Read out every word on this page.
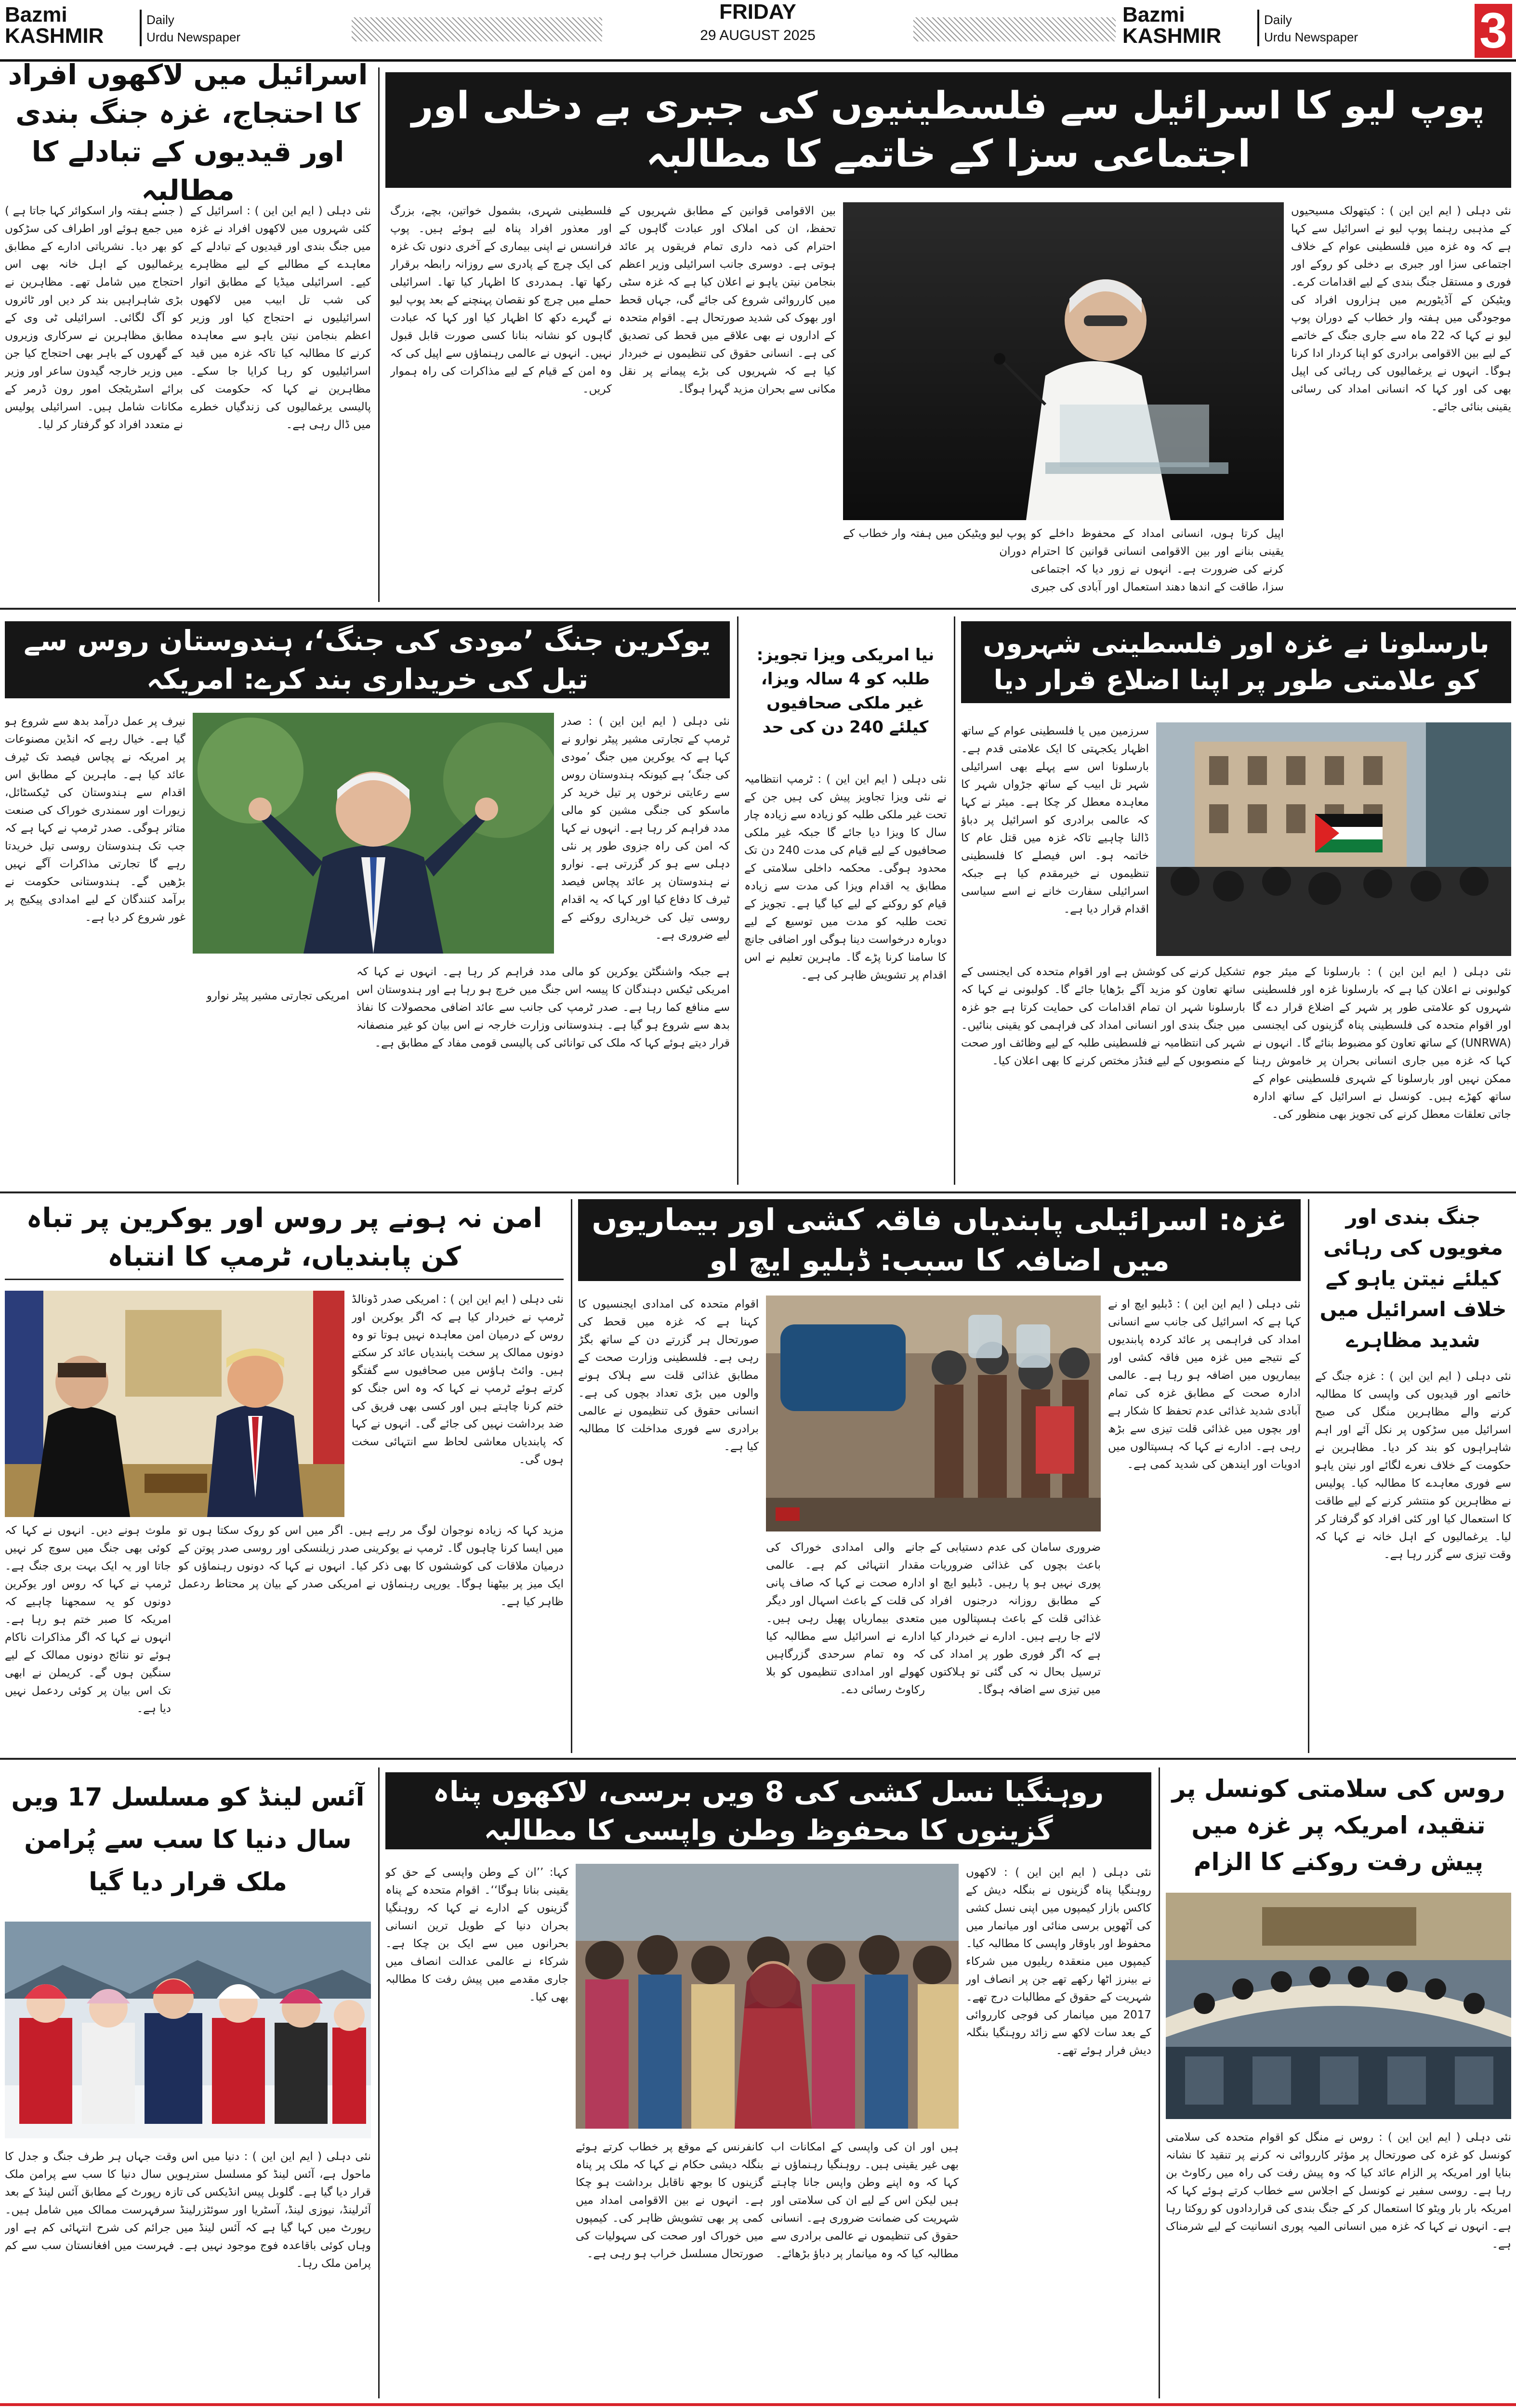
Bazmi
KASHMIR
Daily
Urdu Newspaper
FRIDAY
29 AUGUST 2025
Bazmi
KASHMIR
Daily
Urdu Newspaper 3
پوپ لیو کا اسرائیل سے فلسطینیوں کی جبری بے دخلی اور اجتماعی سزا کے خاتمے کا مطالبہ
نئی دہلی ( ایم این این ) : کیتھولک مسیحیوں کے مذہبی رہنما پوپ لیو نے اسرائیل سے کہا ہے کہ وہ غزہ میں فلسطینی عوام کے خلاف اجتماعی سزا اور جبری بے دخلی کو روکے اور فوری و مستقل جنگ بندی کے لیے اقدامات کرے۔ ویٹیکن کے آڈیٹوریم میں ہزاروں افراد کی موجودگی میں ہفتہ وار خطاب کے دوران پوپ لیو نے کہا کہ 22 ماہ سے جاری جنگ کے خاتمے کے لیے بین الاقوامی برادری کو اپنا کردار ادا کرنا ہوگا۔ انہوں نے یرغمالیوں کی رہائی کی اپیل بھی کی اور کہا کہ انسانی امداد کی رسائی یقینی بنائی جائے۔
اپیل کرتا ہوں، انسانی امداد کے محفوظ داخلے کو یقینی بنانے اور بین الاقوامی انسانی قوانین کا احترام کرنے کی ضرورت ہے۔ انہوں نے زور دیا کہ اجتماعی سزا، طاقت کے اندھا دھند استعمال اور آبادی کی جبری
پوپ لیو ویٹیکن میں ہفتہ وار خطاب کے دوران
بین الاقوامی قوانین کے مطابق شہریوں کے تحفظ، ان کی املاک اور عبادت گاہوں کے احترام کی ذمہ داری تمام فریقوں پر عائد ہوتی ہے۔ دوسری جانب اسرائیلی وزیر اعظم بنجامن نیتن یاہو نے اعلان کیا ہے کہ غزہ سٹی میں کارروائی شروع کی جائے گی، جہاں قحط اور بھوک کی شدید صورتحال ہے۔ اقوام متحدہ کے اداروں نے بھی علاقے میں قحط کی تصدیق کی ہے۔ انسانی حقوق کی تنظیموں نے خبردار کیا ہے کہ شہریوں کی بڑے پیمانے پر نقل مکانی سے بحران مزید گہرا ہوگا۔
فلسطینی شہری، بشمول خواتین، بچے، بزرگ اور معذور افراد پناہ لیے ہوئے ہیں۔ پوپ فرانسس نے اپنی بیماری کے آخری دنوں تک غزہ کی ایک چرچ کے پادری سے روزانہ رابطہ برقرار رکھا تھا۔ ہمدردی کا اظہار کیا تھا۔ اسرائیلی حملے میں چرچ کو نقصان پہنچنے کے بعد پوپ لیو نے گہرے دکھ کا اظہار کیا اور کہا کہ عبادت گاہوں کو نشانہ بنانا کسی صورت قابل قبول نہیں۔ انہوں نے عالمی رہنماؤں سے اپیل کی کہ وہ امن کے قیام کے لیے مذاکرات کی راہ ہموار کریں۔
اسرائیل میں لاکھوں افراد کا احتجاج، غزہ جنگ بندی اور قیدیوں کے تبادلے کا مطالبہ
نئی دہلی ( ایم این این ) : اسرائیل کے کئی شہروں میں لاکھوں افراد نے غزہ میں جنگ بندی اور قیدیوں کے تبادلے کے معاہدے کے مطالبے کے لیے مظاہرے کیے۔ اسرائیلی میڈیا کے مطابق اتوار کی شب تل ابیب میں لاکھوں اسرائیلیوں نے احتجاج کیا اور وزیر اعظم بنجامن نیتن یاہو سے معاہدہ کرنے کا مطالبہ کیا تاکہ غزہ میں قید اسرائیلیوں کو رہا کرایا جا سکے۔ مظاہرین نے کہا کہ حکومت کی پالیسی یرغمالیوں کی زندگیاں خطرے میں ڈال رہی ہے۔
( جسے ہفتہ وار اسکوائر کہا جاتا ہے ) میں جمع ہوئے اور اطراف کی سڑکوں کو بھر دیا۔ نشریاتی ادارے کے مطابق یرغمالیوں کے اہل خانہ بھی اس احتجاج میں شامل تھے۔ مظاہرین نے بڑی شاہراہیں بند کر دیں اور ٹائروں کو آگ لگائی۔ اسرائیلی ٹی وی کے مطابق مظاہرین نے سرکاری وزیروں کے گھروں کے باہر بھی احتجاج کیا جن میں وزیر خارجہ گیدون ساعر اور وزیر برائے اسٹریٹجک امور رون ڈرمر کے مکانات شامل ہیں۔ اسرائیلی پولیس نے متعدد افراد کو گرفتار کر لیا۔
بارسلونا نے غزہ اور فلسطینی شہروں کو علامتی طور پر اپنا اضلاع قرار دیا
سرزمین میں یا فلسطینی عوام کے ساتھ اظہار یکجہتی کا ایک علامتی قدم ہے۔ بارسلونا اس سے پہلے بھی اسرائیلی شہر تل ابیب کے ساتھ جڑواں شہر کا معاہدہ معطل کر چکا ہے۔ میئر نے کہا کہ عالمی برادری کو اسرائیل پر دباؤ ڈالنا چاہیے تاکہ غزہ میں قتل عام کا خاتمہ ہو۔ اس فیصلے کا فلسطینی تنظیموں نے خیرمقدم کیا ہے جبکہ اسرائیلی سفارت خانے نے اسے سیاسی اقدام قرار دیا ہے۔
نئی دہلی ( ایم این این ) : بارسلونا کے میئر جوم کولبونی نے اعلان کیا ہے کہ بارسلونا غزہ اور فلسطینی شہروں کو علامتی طور پر شہر کے اضلاع قرار دے گا اور اقوام متحدہ کی فلسطینی پناہ گزینوں کی ایجنسی (UNRWA) کے ساتھ تعاون کو مضبوط بنائے گا۔ انہوں نے کہا کہ غزہ میں جاری انسانی بحران پر خاموش رہنا ممکن نہیں اور بارسلونا کے شہری فلسطینی عوام کے ساتھ کھڑے ہیں۔ کونسل نے اسرائیل کے ساتھ ادارہ جاتی تعلقات معطل کرنے کی تجویز بھی منظور کی۔
تشکیل کرنے کی کوشش ہے اور اقوام متحدہ کی ایجنسی کے ساتھ تعاون کو مزید آگے بڑھایا جائے گا۔ کولبونی نے کہا کہ بارسلونا شہر ان تمام اقدامات کی حمایت کرتا ہے جو غزہ میں جنگ بندی اور انسانی امداد کی فراہمی کو یقینی بنائیں۔ شہر کی انتظامیہ نے فلسطینی طلبہ کے لیے وظائف اور صحت کے منصوبوں کے لیے فنڈز مختص کرنے کا بھی اعلان کیا۔
نیا امریکی ویزا تجویز: طلبہ کو 4 سالہ ویزا، غیر ملکی صحافیوں کیلئے 240 دن کی حد
نئی دہلی ( ایم این این ) : ٹرمپ انتظامیہ نے نئی ویزا تجاویز پیش کی ہیں جن کے تحت غیر ملکی طلبہ کو زیادہ سے زیادہ چار سال کا ویزا دیا جائے گا جبکہ غیر ملکی صحافیوں کے لیے قیام کی مدت 240 دن تک محدود ہوگی۔ محکمہ داخلی سلامتی کے مطابق یہ اقدام ویزا کی مدت سے زیادہ قیام کو روکنے کے لیے کیا گیا ہے۔ تجویز کے تحت طلبہ کو مدت میں توسیع کے لیے دوبارہ درخواست دینا ہوگی اور اضافی جانچ کا سامنا کرنا پڑے گا۔ ماہرین تعلیم نے اس اقدام پر تشویش ظاہر کی ہے۔
یوکرین جنگ ’مودی کی جنگ‘، ہندوستان روس سے تیل کی خریداری بند کرے: امریکہ
نئی دہلی ( ایم این این ) : صدر ٹرمپ کے تجارتی مشیر پیٹر نوارو نے کہا ہے کہ یوکرین میں جنگ ’مودی کی جنگ‘ ہے کیونکہ ہندوستان روس سے رعایتی نرخوں پر تیل خرید کر ماسکو کی جنگی مشین کو مالی مدد فراہم کر رہا ہے۔ انہوں نے کہا کہ امن کی راہ جزوی طور پر نئی دہلی سے ہو کر گزرتی ہے۔ نوارو نے ہندوستان پر عائد پچاس فیصد ٹیرف کا دفاع کیا اور کہا کہ یہ اقدام روسی تیل کی خریداری روکنے کے لیے ضروری ہے۔
نیرف پر عمل درآمد بدھ سے شروع ہو گیا ہے۔ خیال رہے کہ انڈین مصنوعات پر امریکہ نے پچاس فیصد تک ٹیرف عائد کیا ہے۔ ماہرین کے مطابق اس اقدام سے ہندوستان کی ٹیکسٹائل، زیورات اور سمندری خوراک کی صنعت متاثر ہوگی۔ صدر ٹرمپ نے کہا ہے کہ جب تک ہندوستان روسی تیل خریدتا رہے گا تجارتی مذاکرات آگے نہیں بڑھیں گے۔ ہندوستانی حکومت نے برآمد کنندگان کے لیے امدادی پیکیج پر غور شروع کر دیا ہے۔
ہے جبکہ واشنگٹن یوکرین کو مالی مدد فراہم کر رہا ہے۔ انہوں نے کہا کہ امریکی ٹیکس دہندگان کا پیسہ اس جنگ میں خرچ ہو رہا ہے اور ہندوستان اس سے منافع کما رہا ہے۔ صدر ٹرمپ کی جانب سے عائد اضافی محصولات کا نفاذ بدھ سے شروع ہو گیا ہے۔ ہندوستانی وزارت خارجہ نے اس بیان کو غیر منصفانہ قرار دیتے ہوئے کہا کہ ملک کی توانائی کی پالیسی قومی مفاد کے مطابق ہے۔
امریکی تجارتی مشیر پیٹر نوارو
جنگ بندی اور مغویوں کی رہائی کیلئے نیتن یاہو کے خلاف اسرائیل میں شدید مظاہرے
نئی دہلی ( ایم این این ) : غزہ جنگ کے خاتمے اور قیدیوں کی واپسی کا مطالبہ کرنے والے مظاہرین منگل کی صبح اسرائیل میں سڑکوں پر نکل آئے اور اہم شاہراہوں کو بند کر دیا۔ مظاہرین نے حکومت کے خلاف نعرے لگائے اور نیتن یاہو سے فوری معاہدے کا مطالبہ کیا۔ پولیس نے مظاہرین کو منتشر کرنے کے لیے طاقت کا استعمال کیا اور کئی افراد کو گرفتار کر لیا۔ یرغمالیوں کے اہل خانہ نے کہا کہ وقت تیزی سے گزر رہا ہے۔
غزہ: اسرائیلی پابندیاں فاقہ کشی اور بیماریوں میں اضافہ کا سبب: ڈبلیو ایچ او
نئی دہلی ( ایم این این ) : ڈبلیو ایچ او نے کہا ہے کہ اسرائیل کی جانب سے انسانی امداد کی فراہمی پر عائد کردہ پابندیوں کے نتیجے میں غزہ میں فاقہ کشی اور بیماریوں میں اضافہ ہو رہا ہے۔ عالمی ادارہ صحت کے مطابق غزہ کی تمام آبادی شدید غذائی عدم تحفظ کا شکار ہے اور بچوں میں غذائی قلت تیزی سے بڑھ رہی ہے۔ ادارے نے کہا کہ ہسپتالوں میں ادویات اور ایندھن کی شدید کمی ہے۔
ضروری سامان کی عدم دستیابی کے باعث بچوں کی غذائی ضروریات پوری نہیں ہو پا رہیں۔ ڈبلیو ایچ او کے مطابق روزانہ درجنوں افراد غذائی قلت کے باعث ہسپتالوں میں لائے جا رہے ہیں۔ ادارے نے خبردار کیا ہے کہ اگر فوری طور پر امداد کی ترسیل بحال نہ کی گئی تو ہلاکتوں میں تیزی سے اضافہ ہوگا۔
جانے والی امدادی خوراک کی مقدار انتہائی کم ہے۔ عالمی ادارہ صحت نے کہا کہ صاف پانی کی قلت کے باعث اسہال اور دیگر متعدی بیماریاں پھیل رہی ہیں۔ ادارے نے اسرائیل سے مطالبہ کیا کہ وہ تمام سرحدی گزرگاہیں کھولے اور امدادی تنظیموں کو بلا رکاوٹ رسائی دے۔
اقوام متحدہ کی امدادی ایجنسیوں کا کہنا ہے کہ غزہ میں قحط کی صورتحال ہر گزرتے دن کے ساتھ بگڑ رہی ہے۔ فلسطینی وزارت صحت کے مطابق غذائی قلت سے ہلاک ہونے والوں میں بڑی تعداد بچوں کی ہے۔ انسانی حقوق کی تنظیموں نے عالمی برادری سے فوری مداخلت کا مطالبہ کیا ہے۔
امن نہ ہونے پر روس اور یوکرین پر تباہ کن پابندیاں، ٹرمپ کا انتباہ
نئی دہلی ( ایم این این ) : امریکی صدر ڈونالڈ ٹرمپ نے خبردار کیا ہے کہ اگر یوکرین اور روس کے درمیان امن معاہدہ نہیں ہوتا تو وہ دونوں ممالک پر سخت پابندیاں عائد کر سکتے ہیں۔ وائٹ ہاؤس میں صحافیوں سے گفتگو کرتے ہوئے ٹرمپ نے کہا کہ وہ اس جنگ کو ختم کرنا چاہتے ہیں اور کسی بھی فریق کی ضد برداشت نہیں کی جائے گی۔ انہوں نے کہا کہ پابندیاں معاشی لحاظ سے انتہائی سخت ہوں گی۔
مزید کہا کہ زیادہ نوجوان لوگ مر رہے ہیں۔ اگر میں اس کو روک سکتا ہوں تو میں ایسا کرنا چاہوں گا۔ ٹرمپ نے یوکرینی صدر زیلنسکی اور روسی صدر پوتن کے درمیان ملاقات کی کوششوں کا بھی ذکر کیا۔ انہوں نے کہا کہ دونوں رہنماؤں کو ایک میز پر بیٹھنا ہوگا۔ یورپی رہنماؤں نے امریکی صدر کے بیان پر محتاط ردعمل ظاہر کیا ہے۔
ملوث ہونے دیں۔ انہوں نے کہا کہ کوئی بھی جنگ میں سوچ کر نہیں جاتا اور یہ ایک بہت بری جنگ ہے۔ ٹرمپ نے کہا کہ روس اور یوکرین دونوں کو یہ سمجھنا چاہیے کہ امریکہ کا صبر ختم ہو رہا ہے۔ انہوں نے کہا کہ اگر مذاکرات ناکام ہوئے تو نتائج دونوں ممالک کے لیے سنگین ہوں گے۔ کریملن نے ابھی تک اس بیان پر کوئی ردعمل نہیں دیا ہے۔
روس کی سلامتی کونسل پر تنقید، امریکہ پر غزہ میں پیش رفت روکنے کا الزام
نئی دہلی ( ایم این این ) : روس نے منگل کو اقوام متحدہ کی سلامتی کونسل کو غزہ کی صورتحال پر مؤثر کارروائی نہ کرنے پر تنقید کا نشانہ بنایا اور امریکہ پر الزام عائد کیا کہ وہ پیش رفت کی راہ میں رکاوٹ بن رہا ہے۔ روسی سفیر نے کونسل کے اجلاس سے خطاب کرتے ہوئے کہا کہ امریکہ بار بار ویٹو کا استعمال کر کے جنگ بندی کی قراردادوں کو روکتا رہا ہے۔ انہوں نے کہا کہ غزہ میں انسانی المیہ پوری انسانیت کے لیے شرمناک ہے۔
روہنگیا نسل کشی کی 8 ویں برسی، لاکھوں پناہ گزینوں کا محفوظ وطن واپسی کا مطالبہ
نئی دہلی ( ایم این این ) : لاکھوں روہنگیا پناہ گزینوں نے بنگلہ دیش کے کاکس بازار کیمپوں میں اپنی نسل کشی کی آٹھویں برسی منائی اور میانمار میں محفوظ اور باوقار واپسی کا مطالبہ کیا۔ کیمپوں میں منعقدہ ریلیوں میں شرکاء نے بینرز اٹھا رکھے تھے جن پر انصاف اور شہریت کے حقوق کے مطالبات درج تھے۔ 2017 میں میانمار کی فوجی کارروائی کے بعد سات لاکھ سے زائد روہنگیا بنگلہ دیش فرار ہوئے تھے۔
ہیں اور ان کی واپسی کے امکانات اب بھی غیر یقینی ہیں۔ روہنگیا رہنماؤں نے کہا کہ وہ اپنے وطن واپس جانا چاہتے ہیں لیکن اس کے لیے ان کی سلامتی اور شہریت کی ضمانت ضروری ہے۔ انسانی حقوق کی تنظیموں نے عالمی برادری سے مطالبہ کیا کہ وہ میانمار پر دباؤ بڑھائے۔
کانفرنس کے موقع پر خطاب کرتے ہوئے بنگلہ دیشی حکام نے کہا کہ ملک پر پناہ گزینوں کا بوجھ ناقابل برداشت ہو چکا ہے۔ انہوں نے بین الاقوامی امداد میں کمی پر بھی تشویش ظاہر کی۔ کیمپوں میں خوراک اور صحت کی سہولیات کی صورتحال مسلسل خراب ہو رہی ہے۔
کہا: ’’ان کے وطن واپسی کے حق کو یقینی بنانا ہوگا‘‘۔ اقوام متحدہ کے پناہ گزینوں کے ادارے نے کہا کہ روہنگیا بحران دنیا کے طویل ترین انسانی بحرانوں میں سے ایک بن چکا ہے۔ شرکاء نے عالمی عدالت انصاف میں جاری مقدمے میں پیش رفت کا مطالبہ بھی کیا۔
آئس لینڈ کو مسلسل 17 ویں سال دنیا کا سب سے پُرامن ملک قرار دیا گیا
نئی دہلی ( ایم این این ) : دنیا میں اس وقت جہاں ہر طرف جنگ و جدل کا ماحول ہے، آئس لینڈ کو مسلسل سترہویں سال دنیا کا سب سے پرامن ملک قرار دیا گیا ہے۔ گلوبل پیس انڈیکس کی تازہ رپورٹ کے مطابق آئس لینڈ کے بعد آئرلینڈ، نیوزی لینڈ، آسٹریا اور سوئٹزرلینڈ سرفہرست ممالک میں شامل ہیں۔ رپورٹ میں کہا گیا ہے کہ آئس لینڈ میں جرائم کی شرح انتہائی کم ہے اور وہاں کوئی باقاعدہ فوج موجود نہیں ہے۔ فہرست میں افغانستان سب سے کم پرامن ملک رہا۔
